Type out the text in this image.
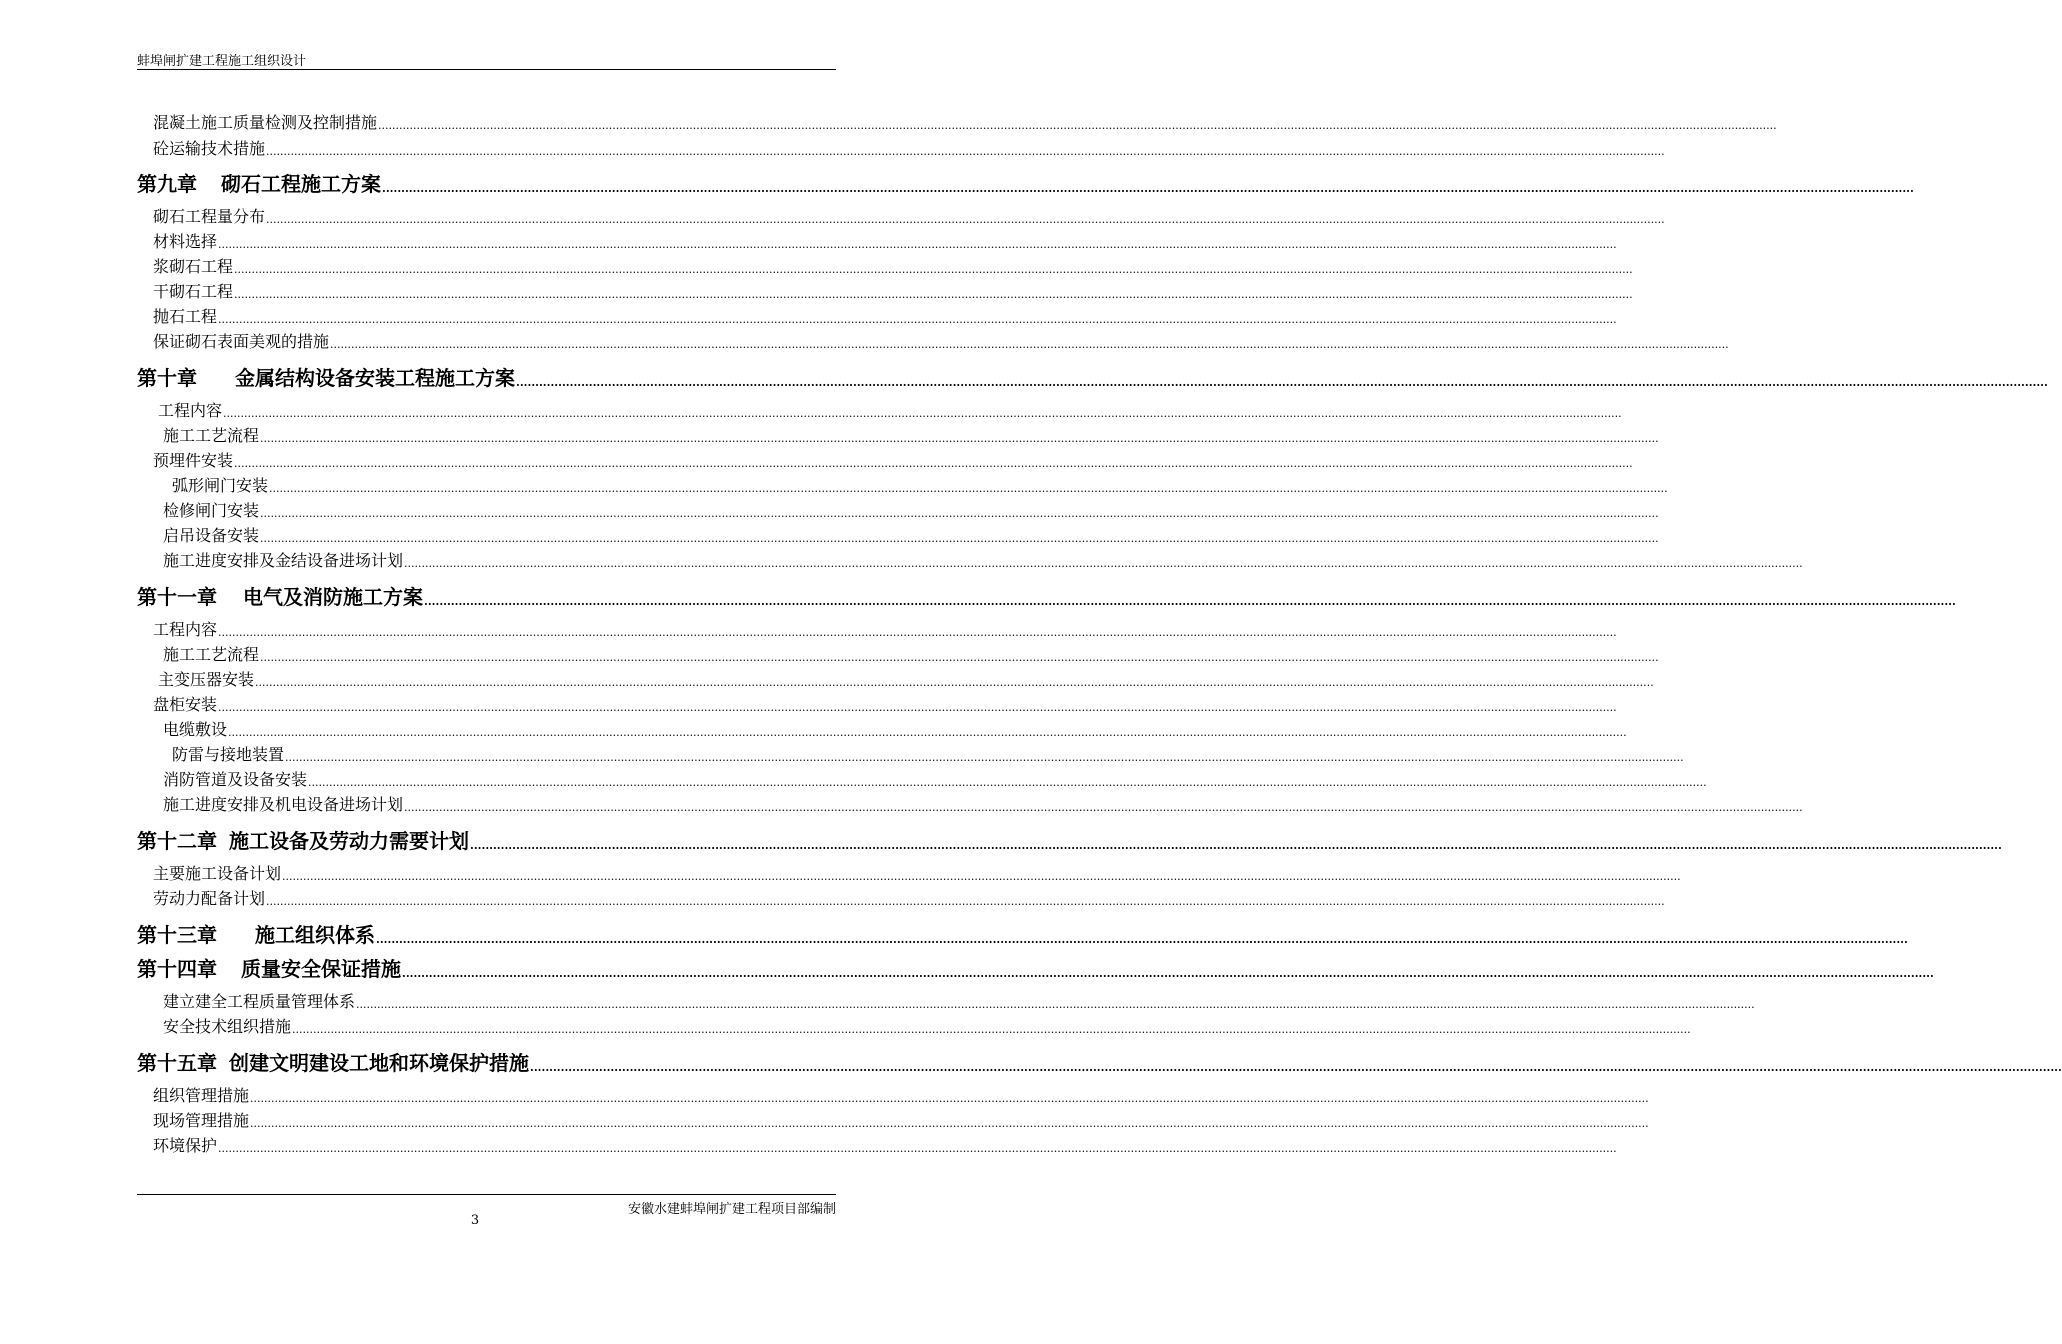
蚌埠闸扩建工程施工组织设计
混凝土施工质量检测及控制措施 ................................................................................................................................................................................................................................................................................................................................................................................................................
砼运输技术措施 ................................................................................................................................................................................................................................................................................................................................................................................................................
第九章 砌石工程施工方案 ................................................................................................................................................................................................................................................................................................................................................................................................................
砌石工程量分布 ................................................................................................................................................................................................................................................................................................................................................................................................................
材料选择 ................................................................................................................................................................................................................................................................................................................................................................................................................
浆砌石工程 ................................................................................................................................................................................................................................................................................................................................................................................................................
干砌石工程 ................................................................................................................................................................................................................................................................................................................................................................................................................
抛石工程 ................................................................................................................................................................................................................................................................................................................................................................................................................
保证砌石表面美观的措施 ................................................................................................................................................................................................................................................................................................................................................................................................................
第十章 金属结构设备安装工程施工方案 ................................................................................................................................................................................................................................................................................................................................................................................................................
工程内容 ................................................................................................................................................................................................................................................................................................................................................................................................................
施工工艺流程 ................................................................................................................................................................................................................................................................................................................................................................................................................
预埋件安装 ................................................................................................................................................................................................................................................................................................................................................................................................................
弧形闸门安装 ................................................................................................................................................................................................................................................................................................................................................................................................................
检修闸门安装 ................................................................................................................................................................................................................................................................................................................................................................................................................
启吊设备安装 ................................................................................................................................................................................................................................................................................................................................................................................................................
施工进度安排及金结设备进场计划 ................................................................................................................................................................................................................................................................................................................................................................................................................
第十一章 电气及消防施工方案 ................................................................................................................................................................................................................................................................................................................................................................................................................
工程内容 ................................................................................................................................................................................................................................................................................................................................................................................................................
施工工艺流程 ................................................................................................................................................................................................................................................................................................................................................................................................................
主变压器安装 ................................................................................................................................................................................................................................................................................................................................................................................................................
盘柜安装 ................................................................................................................................................................................................................................................................................................................................................................................................................
电缆敷设 ................................................................................................................................................................................................................................................................................................................................................................................................................
防雷与接地装置 ................................................................................................................................................................................................................................................................................................................................................................................................................
消防管道及设备安装 ................................................................................................................................................................................................................................................................................................................................................................................................................
施工进度安排及机电设备进场计划 ................................................................................................................................................................................................................................................................................................................................................................................................................
第十二章 施工设备及劳动力需要计划 ................................................................................................................................................................................................................................................................................................................................................................................................................
主要施工设备计划 ................................................................................................................................................................................................................................................................................................................................................................................................................
劳动力配备计划 ................................................................................................................................................................................................................................................................................................................................................................................................................
第十三章 施工组织体系 ................................................................................................................................................................................................................................................................................................................................................................................................................
第十四章 质量安全保证措施 ................................................................................................................................................................................................................................................................................................................................................................................................................
建立建全工程质量管理体系 ................................................................................................................................................................................................................................................................................................................................................................................................................
安全技术组织措施 ................................................................................................................................................................................................................................................................................................................................................................................................................
第十五章 创建文明建设工地和环境保护措施 ................................................................................................................................................................................................................................................................................................................................................................................................................
组织管理措施 ................................................................................................................................................................................................................................................................................................................................................................................................................
现场管理措施 ................................................................................................................................................................................................................................................................................................................................................................................................................
环境保护 ................................................................................................................................................................................................................................................................................................................................................................................................................
安徽水建蚌埠闸扩建工程项目部编制
3
